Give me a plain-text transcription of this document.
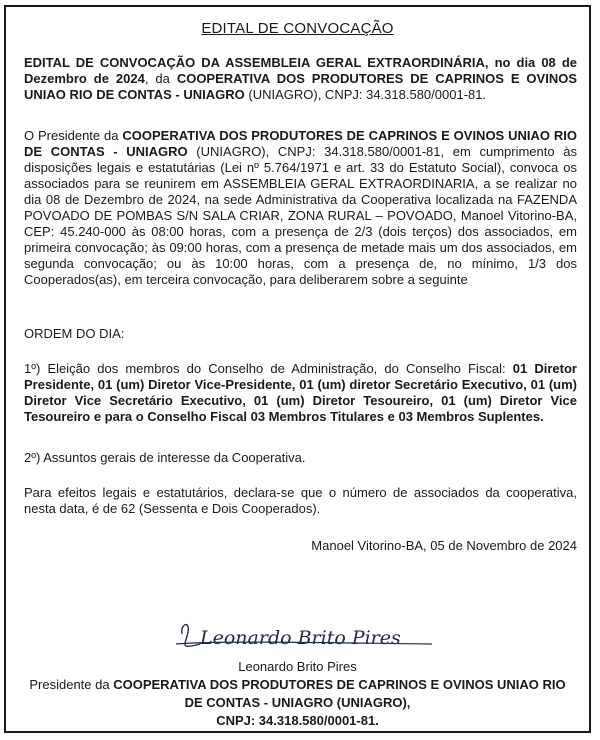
EDITAL DE CONVOCAÇÃO

EDITAL DE CONVOCAÇÃO DA ASSEMBLEIA GERAL EXTRAORDINÁRIA, no dia 08 de Dezembro de 2024, da COOPERATIVA DOS PRODUTORES DE CAPRINOS E OVINOS UNIAO RIO DE CONTAS - UNIAGRO (UNIAGRO), CNPJ: 34.318.580/0001-81.

O Presidente da COOPERATIVA DOS PRODUTORES DE CAPRINOS E OVINOS UNIAO RIO DE CONTAS - UNIAGRO (UNIAGRO), CNPJ: 34.318.580/0001-81, em cumprimento às disposições legais e estatutárias (Lei nº 5.764/1971 e art. 33 do Estatuto Social), convoca os associados para se reunirem em ASSEMBLEIA GERAL EXTRAORDINARIA, a se realizar no dia 08 de Dezembro de 2024, na sede Administrativa da Cooperativa localizada na FAZENDA POVOADO DE POMBAS S/N SALA CRIAR, ZONA RURAL – POVOADO, Manoel Vitorino-BA, CEP: 45.240-000 às 08:00 horas, com a presença de 2/3 (dois terços) dos associados, em primeira convocação; às 09:00 horas, com a presença de metade mais um dos associados, em segunda convocação; ou às 10:00 horas, com a presença de, no mínimo, 1/3 dos Cooperados(as), em terceira convocação, para deliberarem sobre a seguinte

ORDEM DO DIA:

1º) Eleição dos membros do Conselho de Administração, do Conselho Fiscal: 01 Diretor Presidente, 01 (um) Diretor Vice-Presidente, 01 (um) diretor Secretário Executivo, 01 (um) Diretor Vice Secretário Executivo, 01 (um) Diretor Tesoureiro, 01 (um) Diretor Vice Tesoureiro e para o Conselho Fiscal 03 Membros Titulares e 03 Membros Suplentes.

2º) Assuntos gerais de interesse da Cooperativa.

Para efeitos legais e estatutários, declara-se que o número de associados da cooperativa, nesta data, é de 62 (Sessenta e Dois Cooperados).

Manoel Vitorino-BA, 05 de Novembro de 2024
Leonardo Brito Pires
Leonardo Brito Pires
Presidente da COOPERATIVA DOS PRODUTORES DE CAPRINOS E OVINOS UNIAO RIO DE CONTAS - UNIAGRO (UNIAGRO),
CNPJ: 34.318.580/0001-81.
